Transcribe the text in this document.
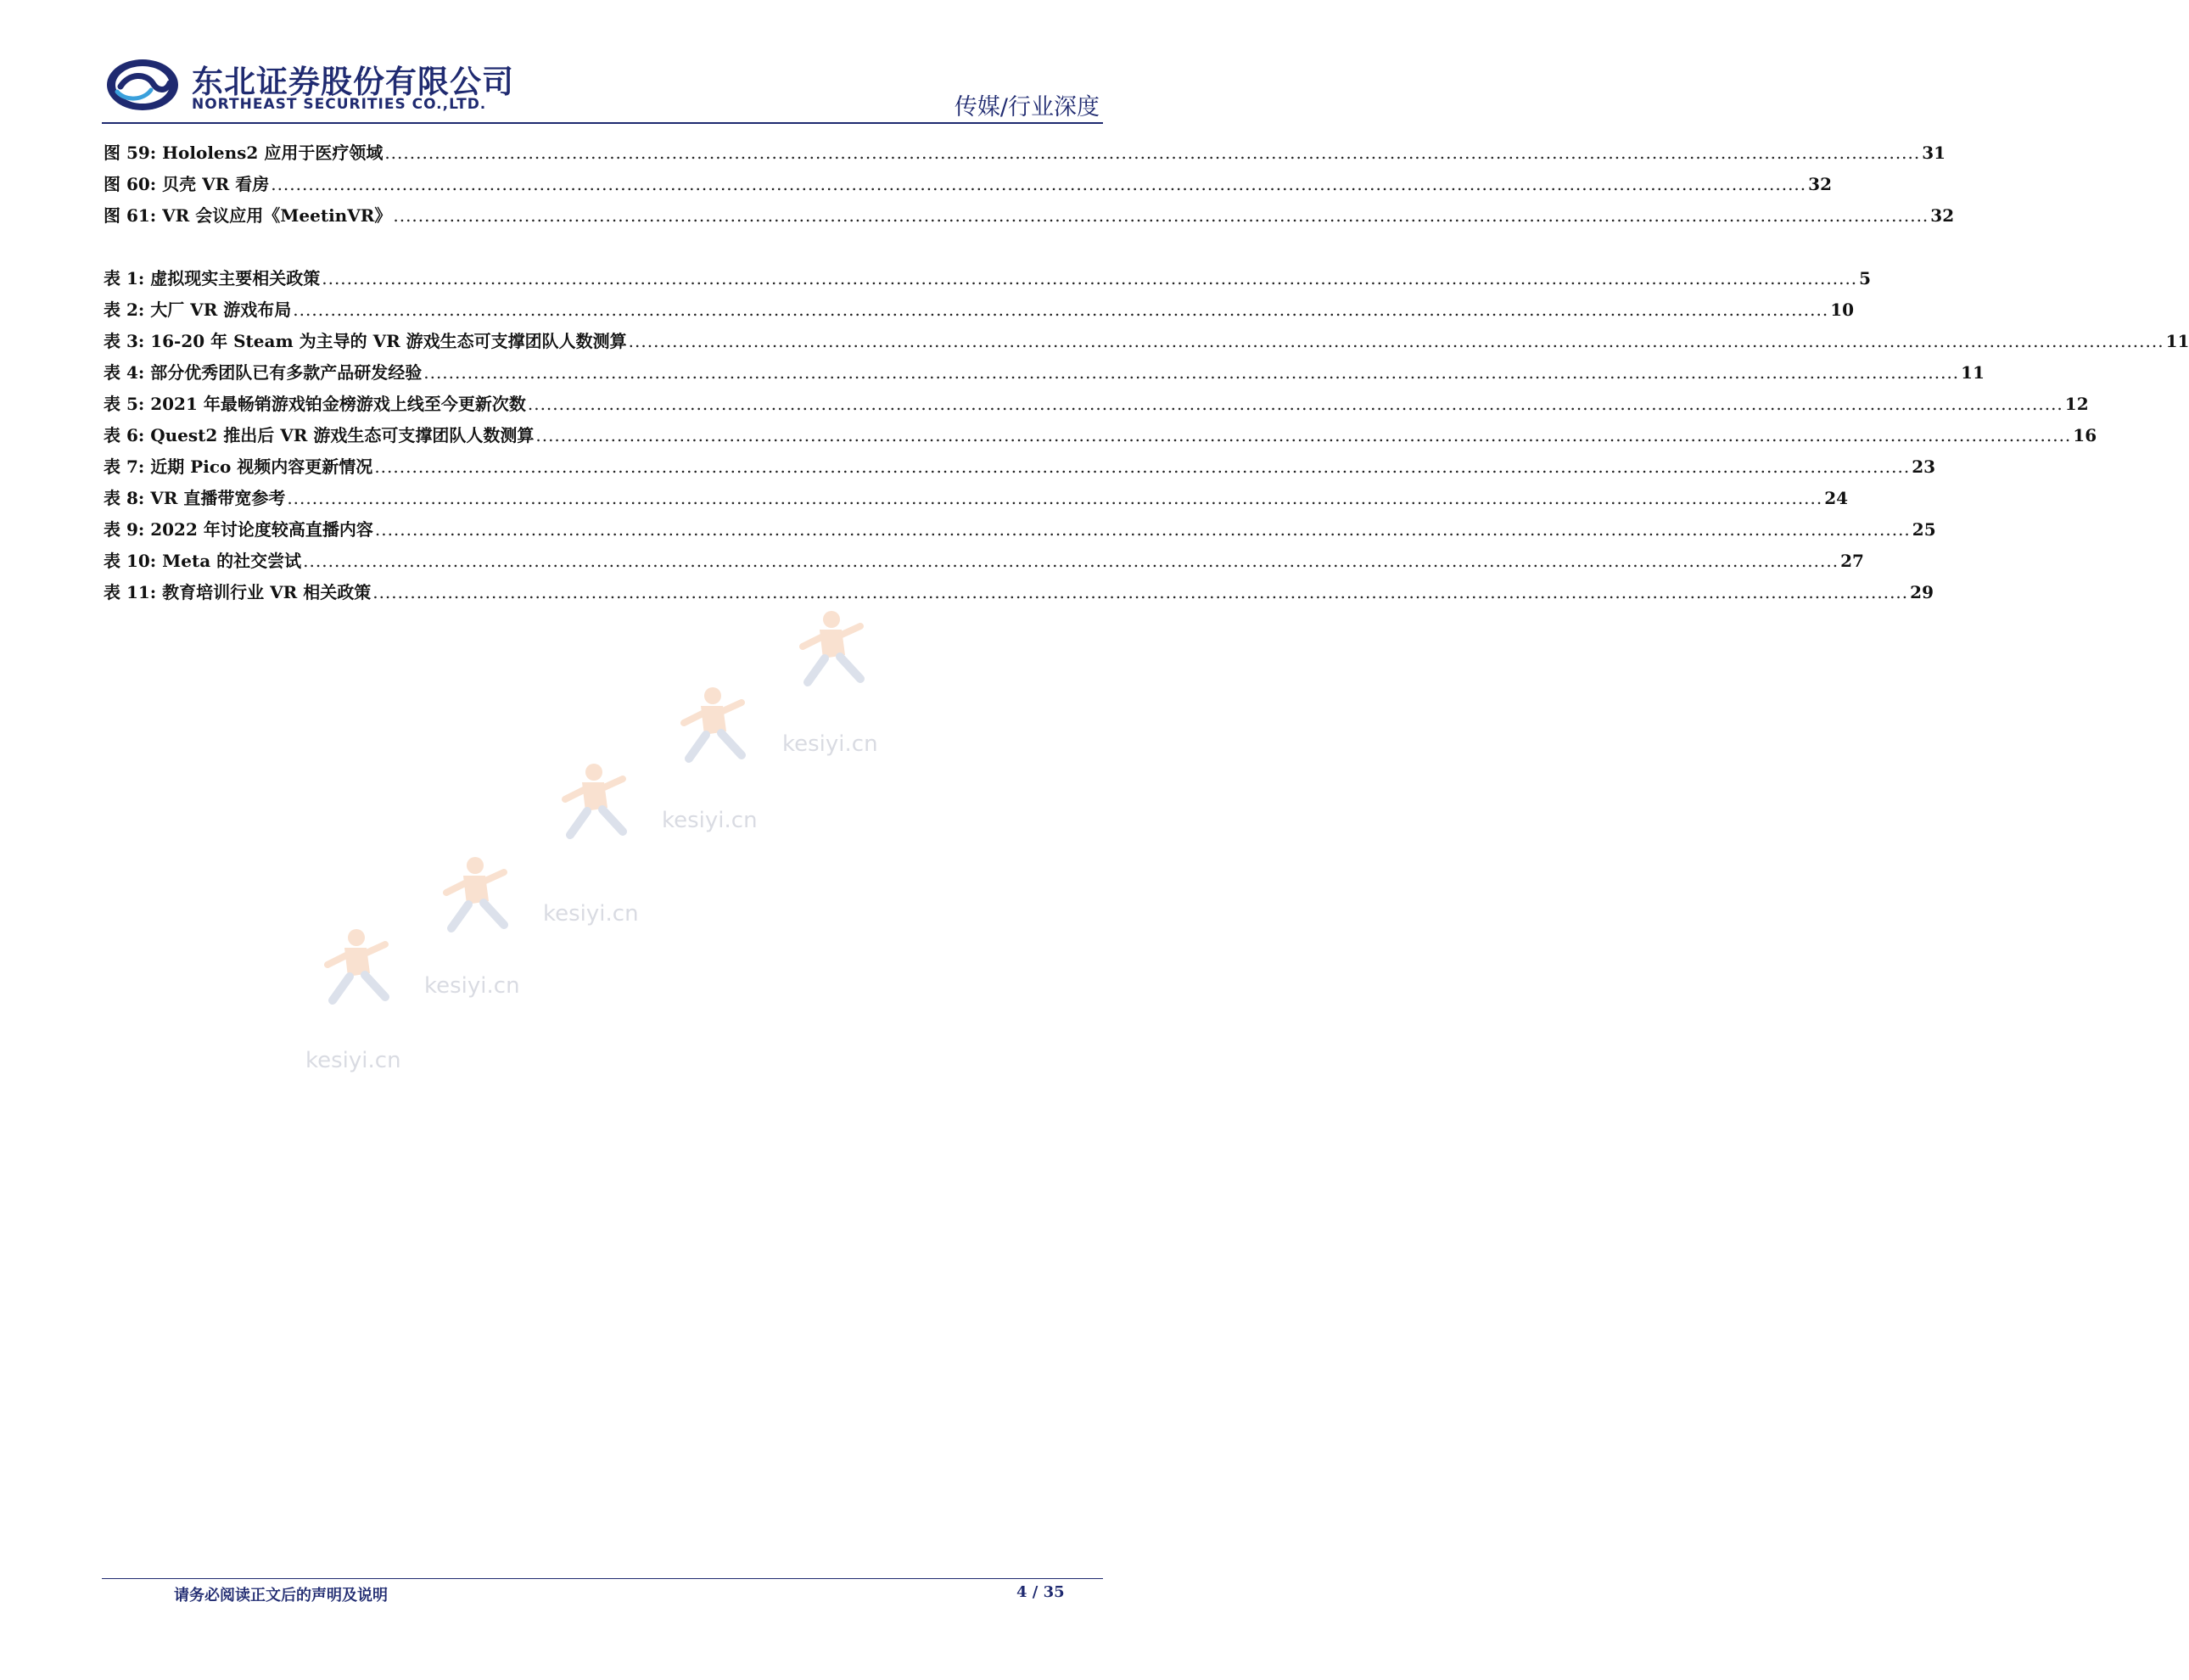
东北证券股份有限公司
NORTHEAST SECURITIES CO.,LTD.	传媒/行业深度
图 59: Hololens2 应用于医疗领域 ...................................................................................................................................................................................................................................................... 31
图 60: 贝壳 VR 看房 ...................................................................................................................................................................................................................................................... 32
图 61: VR 会议应用《MeetinVR》 ...................................................................................................................................................................................................................................................... 32
表 1: 虚拟现实主要相关政策 ...................................................................................................................................................................................................................................................... 5
表 2: 大厂 VR 游戏布局 ...................................................................................................................................................................................................................................................... 10
表 3: 16-20 年 Steam 为主导的 VR 游戏生态可支撑团队人数测算 ...................................................................................................................................................................................................................................................... 11
表 4: 部分优秀团队已有多款产品研发经验 ...................................................................................................................................................................................................................................................... 11
表 5: 2021 年最畅销游戏铂金榜游戏上线至今更新次数 ...................................................................................................................................................................................................................................................... 12
表 6: Quest2 推出后 VR 游戏生态可支撑团队人数测算 ...................................................................................................................................................................................................................................................... 16
表 7: 近期 Pico 视频内容更新情况 ...................................................................................................................................................................................................................................................... 23
表 8: VR 直播带宽参考 ...................................................................................................................................................................................................................................................... 24
表 9: 2022 年讨论度较高直播内容 ...................................................................................................................................................................................................................................................... 25
表 10: Meta 的社交尝试 ...................................................................................................................................................................................................................................................... 27
表 11: 教育培训行业 VR 相关政策 ...................................................................................................................................................................................................................................................... 29
kesiyi.cn
kesiyi.cn
kesiyi.cn
kesiyi.cn
kesiyi.cn
请务必阅读正文后的声明及说明	4 / 35
